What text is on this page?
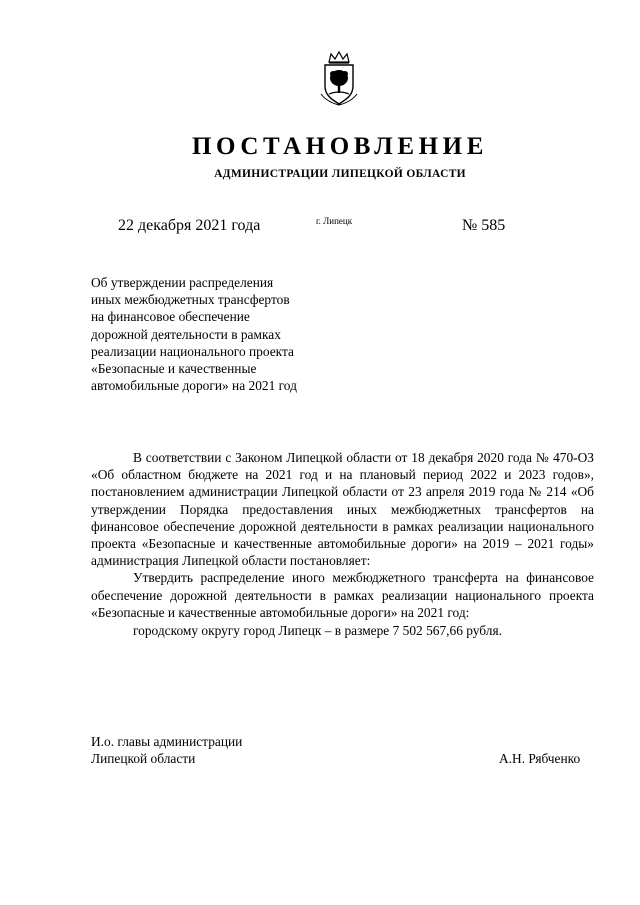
ПОСТАНОВЛЕНИЕ
АДМИНИСТРАЦИИ ЛИПЕЦКОЙ ОБЛАСТИ
22 декабря 2021 года	г. Липецк	№ 585
Об утверждении распределения
иных межбюджетных трансфертов
на финансовое обеспечение
дорожной деятельности в рамках
реализации национального проекта
«Безопасные и качественные
автомобильные дороги» на 2021 год
В соответствии с Законом Липецкой области от 18 декабря 2020 года № 470-ОЗ «Об областном бюджете на 2021 год и на плановый период 2022 и 2023 годов», постановлением администрации Липецкой области от 23 апреля 2019 года № 214 «Об утверждении Порядка предоставления иных межбюджетных трансфертов на финансовое обеспечение дорожной деятельности в рамках реализации национального проекта «Безопасные и качественные автомобильные дороги» на 2019 – 2021 годы» администрация Липецкой области постановляет:
Утвердить распределение иного межбюджетного трансферта на финансовое обеспечение дорожной деятельности в рамках реализации национального проекта «Безопасные и качественные автомобильные дороги» на 2021 год:
городскому округу город Липецк – в размере 7 502 567,66 рубля.
И.о. главы администрации
Липецкой области	А.Н. Рябченко
